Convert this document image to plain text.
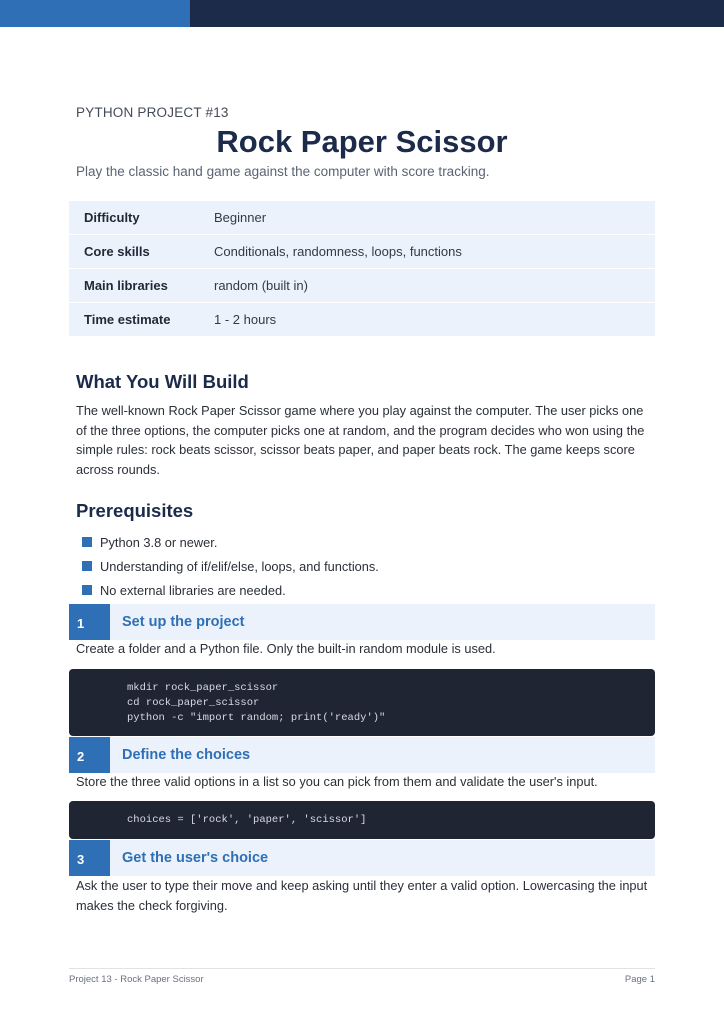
PYTHON PROJECT #13
Rock Paper Scissor
Play the classic hand game against the computer with score tracking.
Difficulty	Beginner
Core skills	Conditionals, randomness, loops, functions
Main libraries	random (built in)
Time estimate	1 - 2 hours
What You Will Build
The well-known Rock Paper Scissor game where you play against the computer. The user picks one
of the three options, the computer picks one at random, and the program decides who won using the
simple rules: rock beats scissor, scissor beats paper, and paper beats rock. The game keeps score
across rounds.
Prerequisites
Python 3.8 or newer.
Understanding of if/elif/else, loops, and functions.
No external libraries are needed.
1	Set up the project
Create a folder and a Python file. Only the built-in random module is used.
mkdir rock_paper_scissor
cd rock_paper_scissor
python -c "import random; print('ready')"
2	Define the choices
Store the three valid options in a list so you can pick from them and validate the user's input.
choices = ['rock', 'paper', 'scissor']
3	Get the user's choice
Ask the user to type their move and keep asking until they enter a valid option. Lowercasing the input
makes the check forgiving.
Project 13 - Rock Paper Scissor	Page 1
